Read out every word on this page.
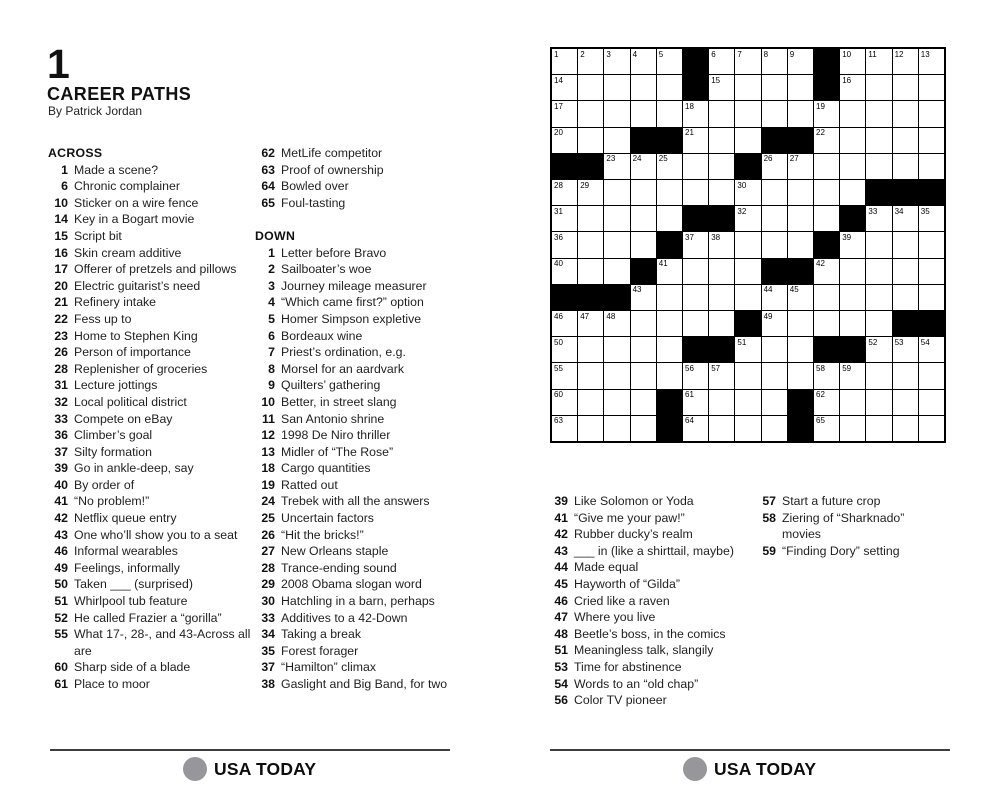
1
CAREER PATHS
By Patrick Jordan
ACROSS
1 Made a scene?
6 Chronic complainer
10 Sticker on a wire fence
14 Key in a Bogart movie
15 Script bit
16 Skin cream additive
17 Offerer of pretzels and pillows
20 Electric guitarist’s need
21 Refinery intake
22 Fess up to
23 Home to Stephen King
26 Person of importance
28 Replenisher of groceries
31 Lecture jottings
32 Local political district
33 Compete on eBay
36 Climber’s goal
37 Silty formation
39 Go in ankle-deep, say
40 By order of
41 “No problem!”
42 Netflix queue entry
43 One who’ll show you to a seat
46 Informal wearables
49 Feelings, informally
50 Taken ___ (surprised)
51 Whirlpool tub feature
52 He called Frazier a “gorilla”
55 What 17-, 28-, and 43-Across all are
60 Sharp side of a blade
61 Place to moor
62 MetLife competitor
63 Proof of ownership
64 Bowled over
65 Foul-tasting
DOWN
1 Letter before Bravo
2 Sailboater’s woe
3 Journey mileage measurer
4 “Which came first?” option
5 Homer Simpson expletive
6 Bordeaux wine
7 Priest’s ordination, e.g.
8 Morsel for an aardvark
9 Quilters’ gathering
10 Better, in street slang
11 San Antonio shrine
12 1998 De Niro thriller
13 Midler of “The Rose”
18 Cargo quantities
19 Ratted out
24 Trebek with all the answers
25 Uncertain factors
26 “Hit the bricks!”
27 New Orleans staple
28 Trance-ending sound
29 2008 Obama slogan word
30 Hatchling in a barn, perhaps
33 Additives to a 42-Down
34 Taking a break
35 Forest forager
37 “Hamilton” climax
38 Gaslight and Big Band, for two
1	2	3	4	5	6	7	8	9	10 11 12 13
14	15	16
17	18	19
20	21	22
23 24 25	26 27
28 29	30
31	32	33 34 35
36	37 38	39
40	41	42
43	44 45
46 47 48	49
50	51	52 53 54
55	56 57	58 59
60	61	62
63	64	65
39 Like Solomon or Yoda
41 “Give me your paw!”
42 Rubber ducky’s realm
43 ___ in (like a shirttail, maybe)
44 Made equal
45 Hayworth of “Gilda”
46 Cried like a raven
47 Where you live
48 Beetle’s boss, in the comics
51 Meaningless talk, slangily
53 Time for abstinence
54 Words to an “old chap”
56 Color TV pioneer
57 Start a future crop
58 Ziering of “Sharknado” movies
59 “Finding Dory” setting
USA TODAY	USA TODAY
